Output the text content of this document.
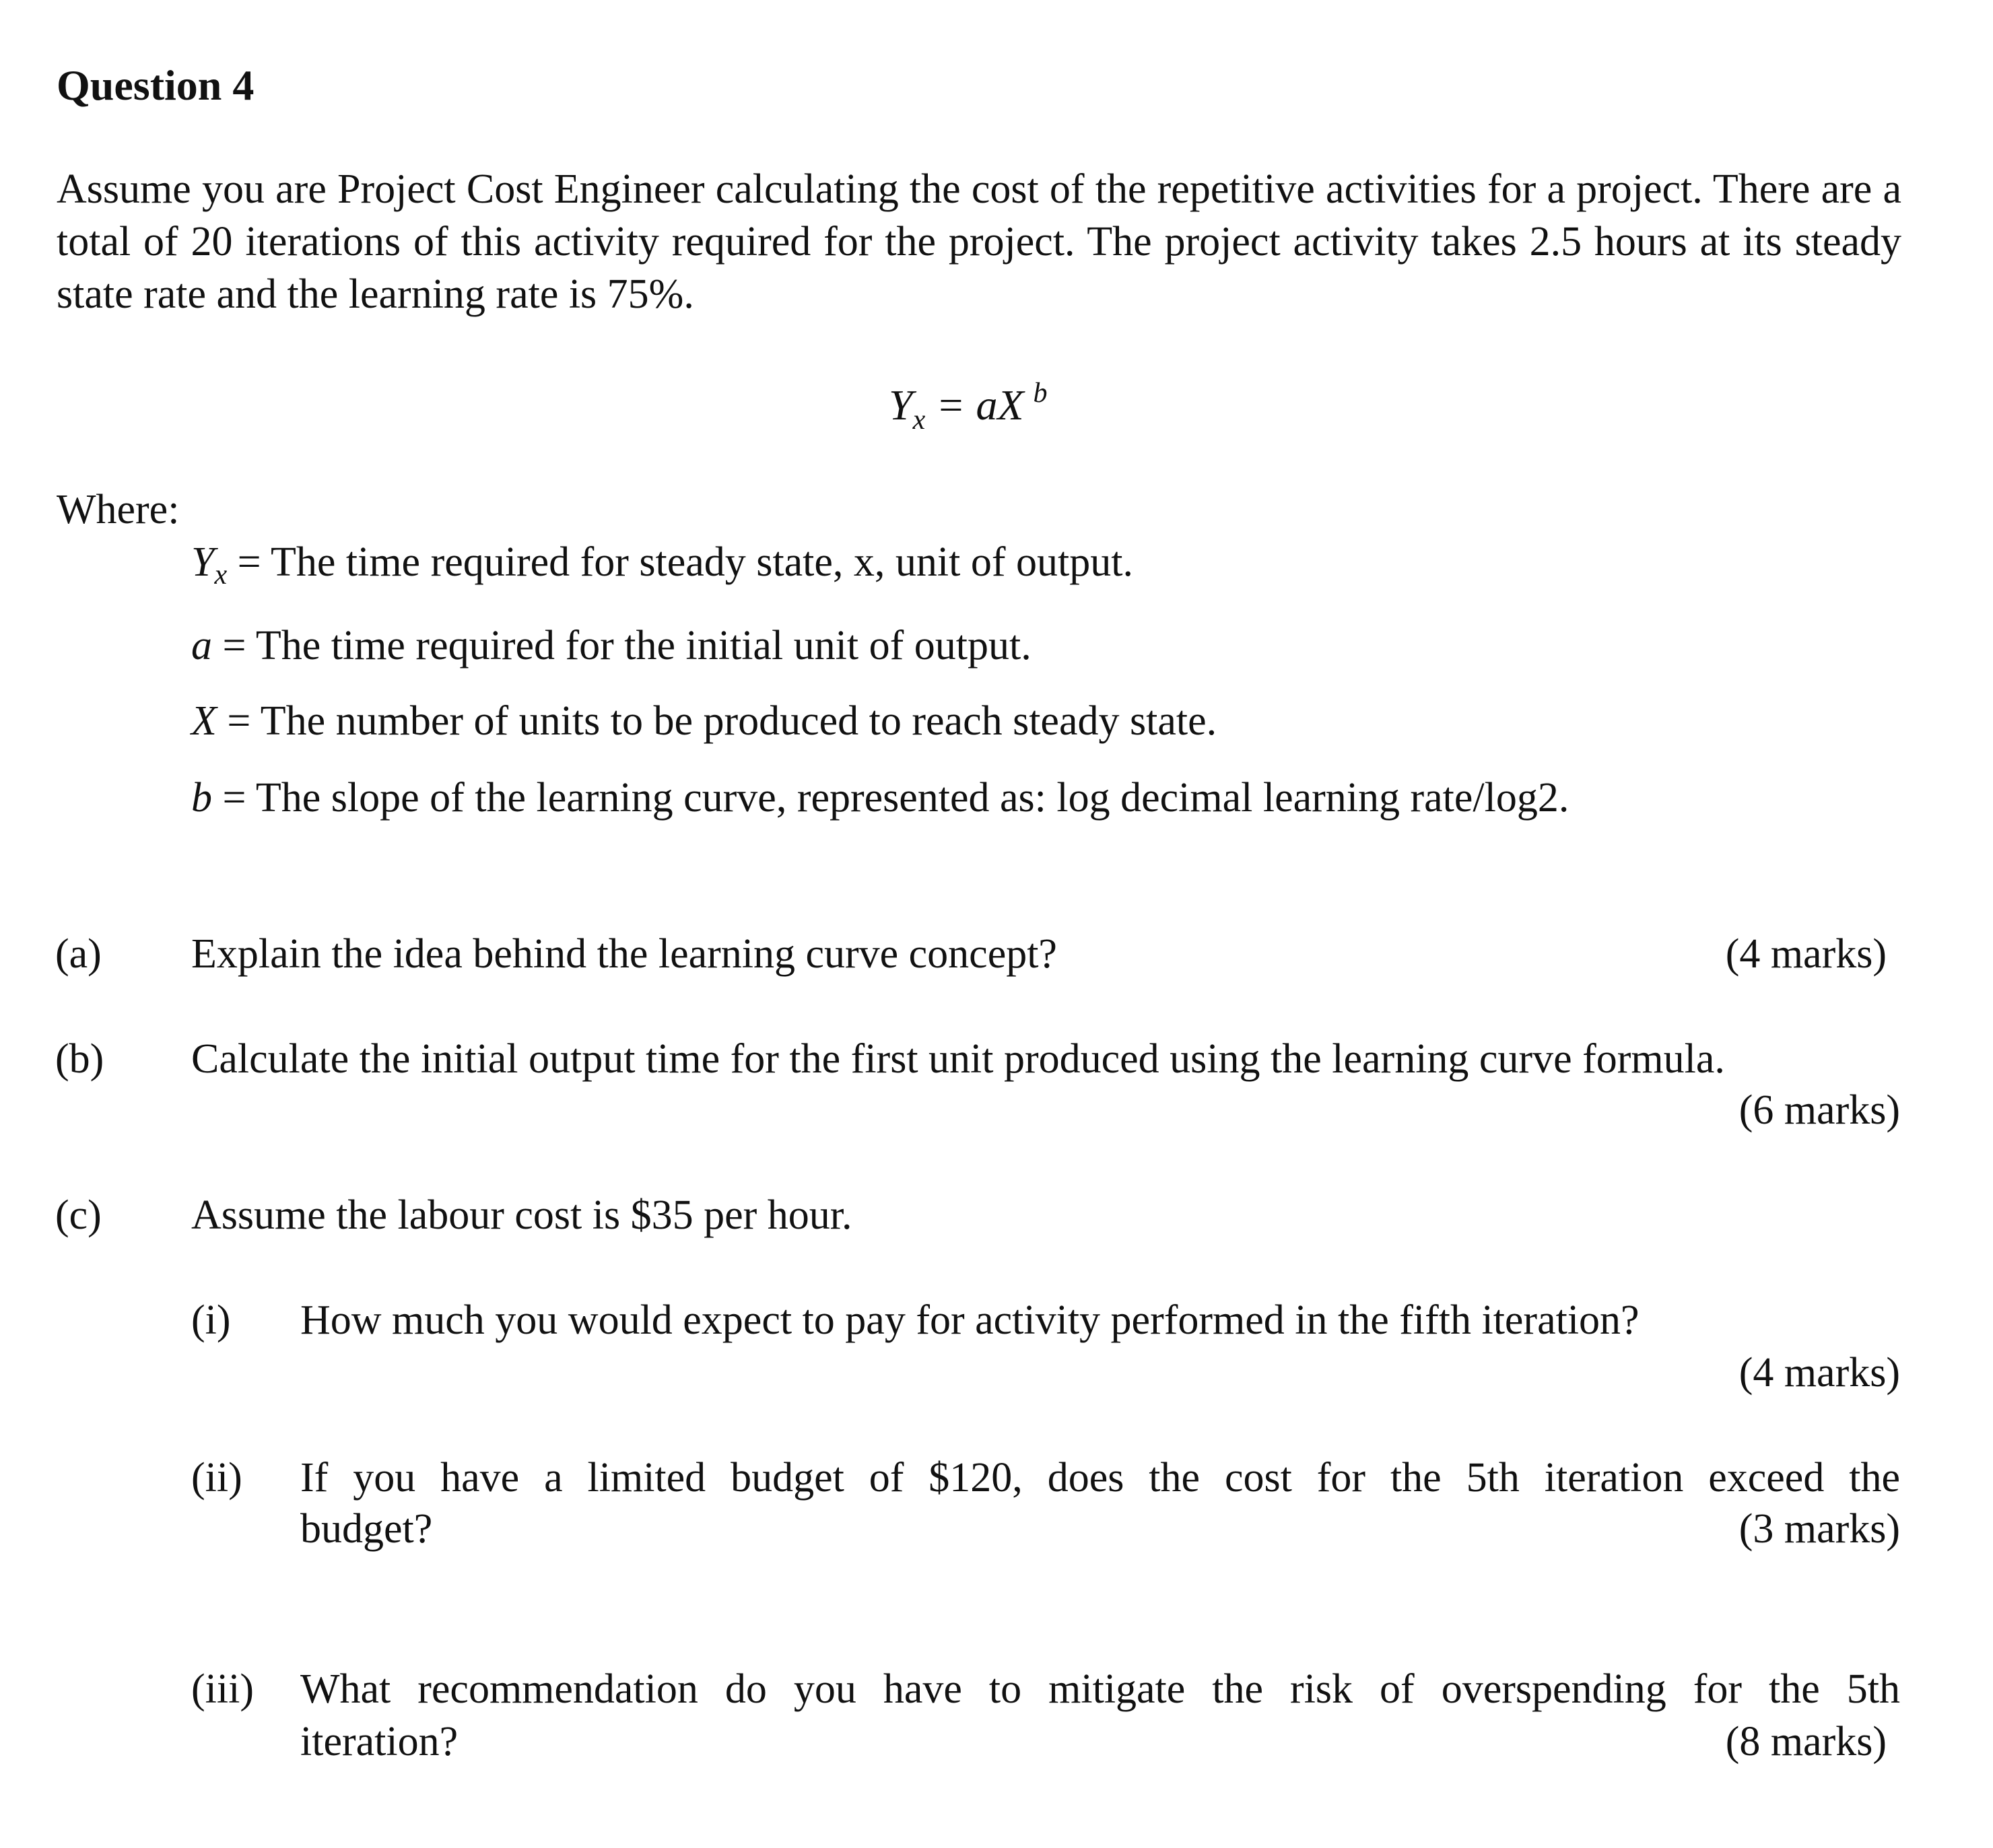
Question 4
Assume you are Project Cost Engineer calculating the cost of the repetitive activities for a project. There are a total of 20 iterations of this activity required for the project. The project activity takes 2.5 hours at its steady state rate and the learning rate is 75%.
$Y_x$ = aX $^b$
Where:
$Y_x$ = The time required for steady state, x, unit of output.
a = The time required for the initial unit of output.
X = The number of units to be produced to reach steady state.
b = The slope of the learning curve, represented as: log decimal learning rate/log2.
(a) Explain the idea behind the learning curve concept?	(4 marks)
(b) Calculate the initial output time for the first unit produced using the learning curve formula.
(6 marks)
(c) Assume the labour cost is $35 per hour.
(i) How much you would expect to pay for activity performed in the fifth iteration?
(4 marks)
(ii) If you have a limited budget of $120, does the cost for the 5th iteration exceed the
budget?	(3 marks)
(iii) What recommendation do you have to mitigate the risk of overspending for the 5th
iteration?	(8 marks)
